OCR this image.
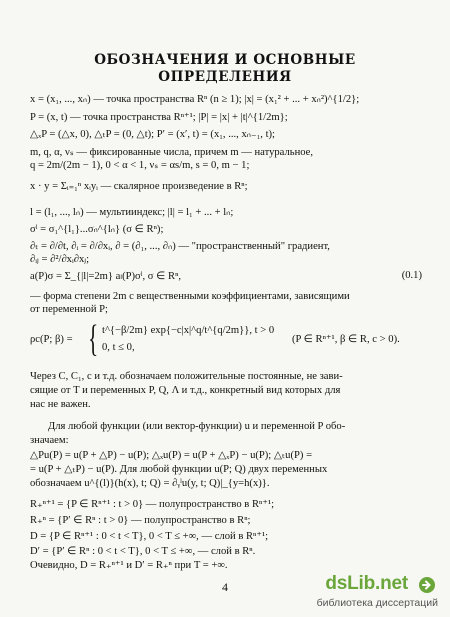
ОБОЗНАЧЕНИЯ И ОСНОВНЫЕ
ОПРЕДЕЛЕНИЯ
x = (x₁, ..., xₙ) — точка пространства Rⁿ (n ≥ 1); |x| = (x₁² + ... + xₙ²)^{1/2};
P = (x, t) — точка пространства Rⁿ⁺¹; |P| = |x| + |t|^{1/2m};
△ₓP = (△x, 0), △ₜP = (0, △t); P′ = (x′, t) = (x₁, ..., xₙ₋₁, t);
m, q, α, νₛ — фиксированные числа, причем m — натуральное,
q = 2m/(2m − 1), 0 < α < 1, νₛ = αs/m, s = 0, m − 1;
x · y = Σᵢ₌₁ⁿ xᵢyᵢ — скалярное произведение в Rⁿ;
l = (l₁, ..., lₙ) — мультииндекс; |l| = l₁ + ... + lₙ;
σˡ = σ₁^{l₁}...σₙ^{lₙ} (σ ∈ Rⁿ);
∂ₜ = ∂/∂t, ∂ᵢ = ∂/∂xᵢ, ∂ = (∂₁, ..., ∂ₙ) — "пространственный" градиент,
∂ᵢⱼ = ∂²/∂xᵢ∂xⱼ;
a(P)σ = Σ_{|l|=2m} aₗ(P)σˡ, σ ∈ Rⁿ,	(0.1)
— форма степени 2m с вещественными коэффициентами, зависящими
от переменной P;
ρc(P; β) = { t^{−β/2m} exp{−c|x|^q/t^{q/2m}}, t > 0
0, t ≤ 0,
(P ∈ Rⁿ⁺¹, β ∈ R, c > 0).
Через C, C₁, c и т.д. обозначаем положительные постоянные, не зави-
сящие от T и переменных P, Q, Λ и т.д., конкретный вид которых для
нас не важен.
Для любой функции (или вектор-функции) u и переменной P обо-
значаем:
△Pu(P) = u(P + △P) − u(P); △ₓu(P) = u(P + △ₓP) − u(P); △ₜu(P) =
= u(P + △ₜP) − u(P). Для любой функции u(P; Q) двух переменных
обозначаем u^{(l)}(h(x), t; Q) = ∂ᵧˡu(y, t; Q)|_{y=h(x)}.
R₊ⁿ⁺¹ = {P ∈ Rⁿ⁺¹ : t > 0} — полупространство в Rⁿ⁺¹;
R₊ⁿ = {P′ ∈ Rⁿ : t > 0} — полупространство в Rⁿ;
D = {P ∈ Rⁿ⁺¹ : 0 < t < T}, 0 < T ≤ +∞, — слой в Rⁿ⁺¹;
D′ = {P′ ∈ Rⁿ : 0 < t < T}, 0 < T ≤ +∞, — слой в Rⁿ.
Очевидно, D = R₊ⁿ⁺¹ и D′ = R₊ⁿ при T = +∞.
4	dsLib.net
библиотека диссертаций
